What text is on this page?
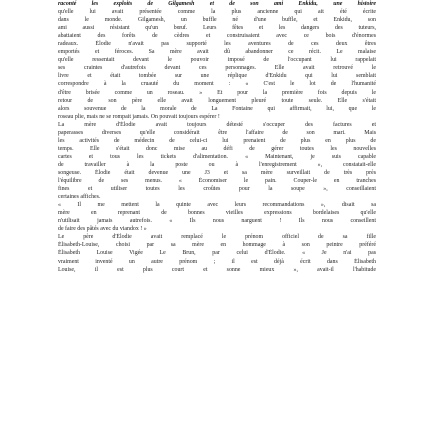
raconté les exploits de Gilgamesh et de son ami Enkidu, une histoire
qu'elle lui avait présentée comme la plus ancienne qui ait été écrite
dans le monde. Gilgamesh, un buffle né d'une buffle, et Enkidu, son
ami aussi résistant qu'un bœuf. Leurs fêtes et les dangers des tuteurs,
abattaient des forêts de cèdres et construisaient avec ce bois d'énormes
radeaux. Élodie n'avait pas supporté les aventures de ces deux êtres
emportés et féroces. Sa mère avait dû abandonner ce récit. Le malaise
qu'elle ressentait devant le pouvoir imposé de l'occupant lui rappelait
ses craintes d'autrefois devant ces personnages. Elle avait retrouvé le
livre et était tombée sur une réplique d'Enkidu qui lui semblait
correspondre à la cruauté du moment : « C'est le lot de l'humanité
d'être brisée comme un roseau. » Et pour la première fois depuis le
retour de son père elle avait longuement pleuré toute seule. Elle s'était
alors souvenue de la morale de La Fontaine qui affirmait, lui, que le
roseau plie, mais ne se rompait jamais. On pouvait toujours espérer !
La mère d'Élodie avait toujours détesté s'occuper des factures et
paperasses diverses qu'elle considérait être l'affaire de son mari. Mais
les activités de médecin de celui-ci lui prenaient de plus en plus de
temps. Elle s'était donc mise au défi de gérer toutes les nouvelles
cartes et tous les tickets d'alimentation. « Maintenant, je suis capable
de travailler à la poste ou à l'enregistrement », constatait-elle
songeuse. Élodie était devenue une J3 et sa mère surveillait de très près
l'équilibre de ses menus. « Économiser le pain. Couper-le en tranches
fines et utiliser toutes les croûtes pour la soupe », conseillaient
certaines affiches.
« Il me mettent la quinte avec leurs recommandations », disait sa
mère en reprenant de bonnes vieilles expressions bordelaises qu'elle
n'utilisait jamais autrefois. « Ils nous narguent ! Ils nous conseillent
de faire des pâtés avec du viandox ! »
Le père d'Élodie avait remplacé le prénom officiel de sa fille
Élisabeth-Louise, choisi par sa mère en hommage à son peintre préféré
Élisabeth Louise Vigée Le Brun, par celui d'Élodie. « Je n'ai pas
vraiment inventé un autre prénom ; il est déjà écrit dans Élisabeth
Louise, il est plus court et sonne mieux », avait-il l'habitude
